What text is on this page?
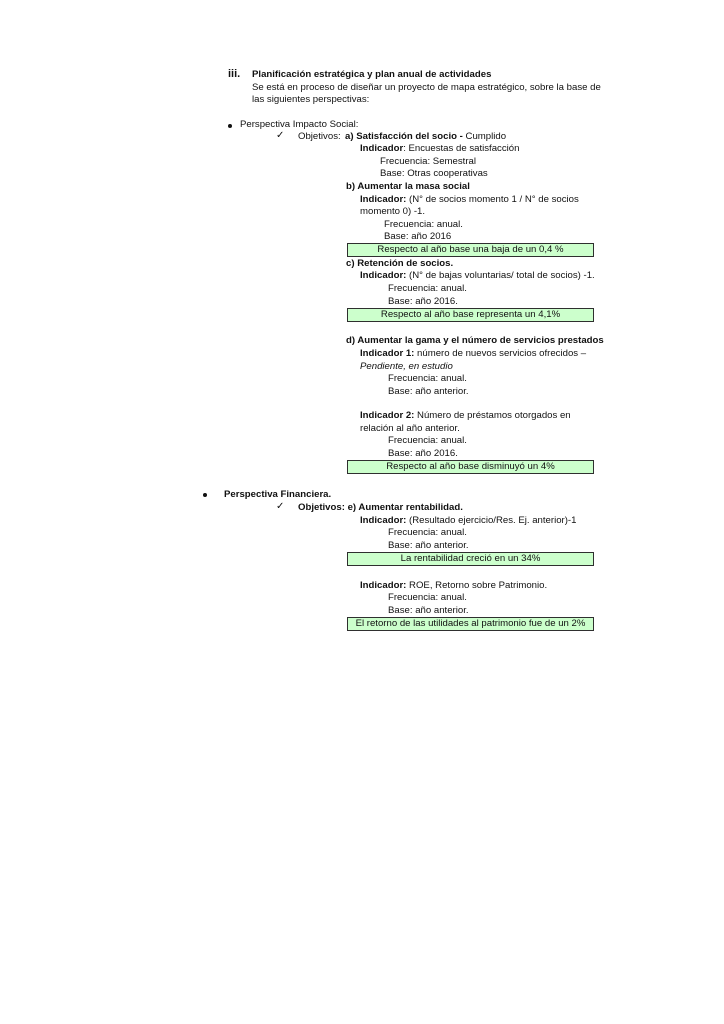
iii. Planificación estratégica y plan anual de actividades
Se está en proceso de diseñar un proyecto de mapa estratégico, sobre la base de
las siguientes perspectivas:
Perspectiva Impacto Social:
✓ Objetivos: a) Satisfacción del socio - Cumplido
Indicador: Encuestas de satisfacción
Frecuencia: Semestral
Base: Otras cooperativas
b) Aumentar la masa social
Indicador: (N° de socios momento 1 / N° de socios
momento 0) -1.
Frecuencia: anual.
Base: año 2016
Respecto al año base una baja de un 0,4 %
c) Retención de socios.
Indicador: (N° de bajas voluntarias/ total de socios) -1.
Frecuencia: anual.
Base: año 2016.
Respecto al año base representa un 4,1%
d) Aumentar la gama y el número de servicios prestados
Indicador 1: número de nuevos servicios ofrecidos –
Pendiente, en estudio
Frecuencia: anual.
Base: año anterior.
Indicador 2: Número de préstamos otorgados en
relación al año anterior.
Frecuencia: anual.
Base: año 2016.
Respecto al año base disminuyó un 4%
Perspectiva Financiera.
✓ Objetivos: e) Aumentar rentabilidad.
Indicador: (Resultado ejercicio/Res. Ej. anterior)-1
Frecuencia: anual.
Base: año anterior.
La rentabilidad creció en un 34%
Indicador: ROE, Retorno sobre Patrimonio.
Frecuencia: anual.
Base: año anterior.
El retorno de las utilidades al patrimonio fue de un 2%
